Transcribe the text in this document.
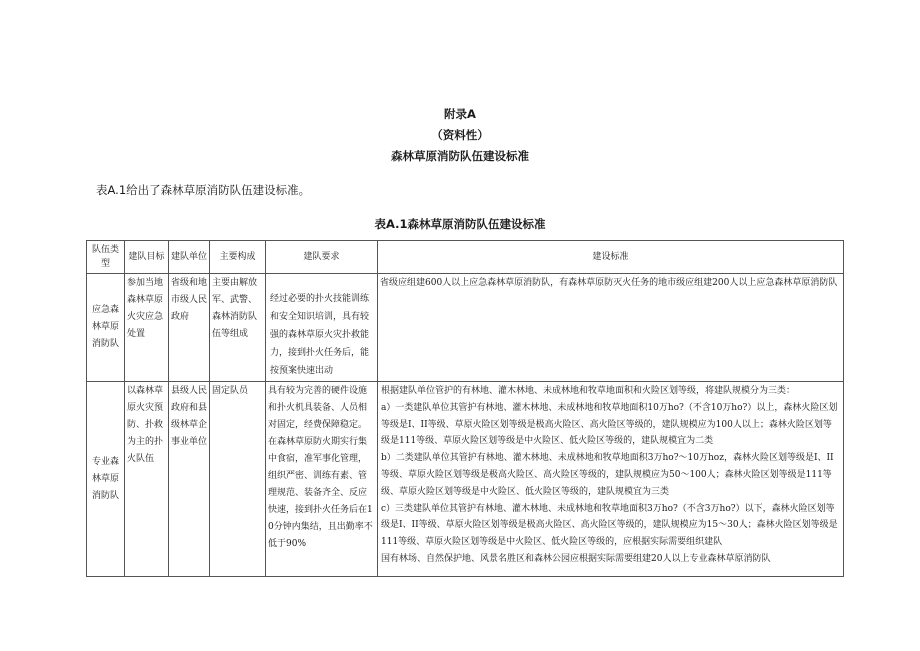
附录A
（资料性）
森林草原消防队伍建设标准
表A.1给出了森林草原消防队伍建设标准。
表A.1森林草原消防队伍建设标准
队伍类型	建队目标	建队单位	主要构成	建队要求	建设标准
应急森林草原消防队	参加当地森林草原火灾应急处置	省级和地市级人民政府	主要由解放军、武警、森林消防队伍等组成	经过必要的扑火技能训练和安全知识培训，具有较强的森林草原火灾扑救能力，接到扑火任务后，能按预案快速出动	省级应组建600人以上应急森林草原消防队，有森林草原防灭火任务的地市级应组建200人以上应急森林草原消防队
专业森林草原消防队	以森林草原火灾预防、扑救为主的扑火队伍	县级人民政府和县级林草企事业单位	固定队员	具有较为完善的硬件设施和扑火机具装备、人员相对固定，经费保障稳定。在森林草原防火期实行集中食宿，准军事化管理，组织严密、训练有素、管理规范、装备齐全、反应快速，接到扑火任务后在10分钟内集结，且出勤率不低于90%	根据建队单位管护的有林地、灌木林地、未成林地和牧草地面积和火险区划等级，将建队规模分为三类：
a）一类建队单位其管护有林地、灌木林地、未成林地和牧草地面积10万ho?（不含10万ho?）以上，森林火险区划等级是I、II等级、草原火险区划等级是极高火险区、高火险区等级的，建队规模应为100人以上；森林火险区划等级是111等级、草原火险区划等级是中火险区、低火险区等级的，建队规模宜为二类
b）二类建队单位其管护有林地、灌木林地、未成林地和牧草地面积3万ho?～10万hoz，森林火险区划等级是I、II等级、草原火险区划等级是极高火险区、高火险区等级的，建队规模应为50～100人；森林火险区划等级是111等级、草原火险区划等级是中火险区、低火险区等级的，建队规模宜为三类
c）三类建队单位其管护有林地、灌木林地、未成林地和牧草地面积3万ho?（不含3万ho?）以下，森林火险区划等级是I、II等级、草原火险区划等级是极高火险区、高火险区等级的，建队规模应为15～30人；森林火险区划等级是111等级、草原火险区划等级是中火险区、低火险区等级的，应根据实际需要组织建队
国有林场、自然保护地、风景名胜区和森林公园应根据实际需要组建20人以上专业森林草原消防队
